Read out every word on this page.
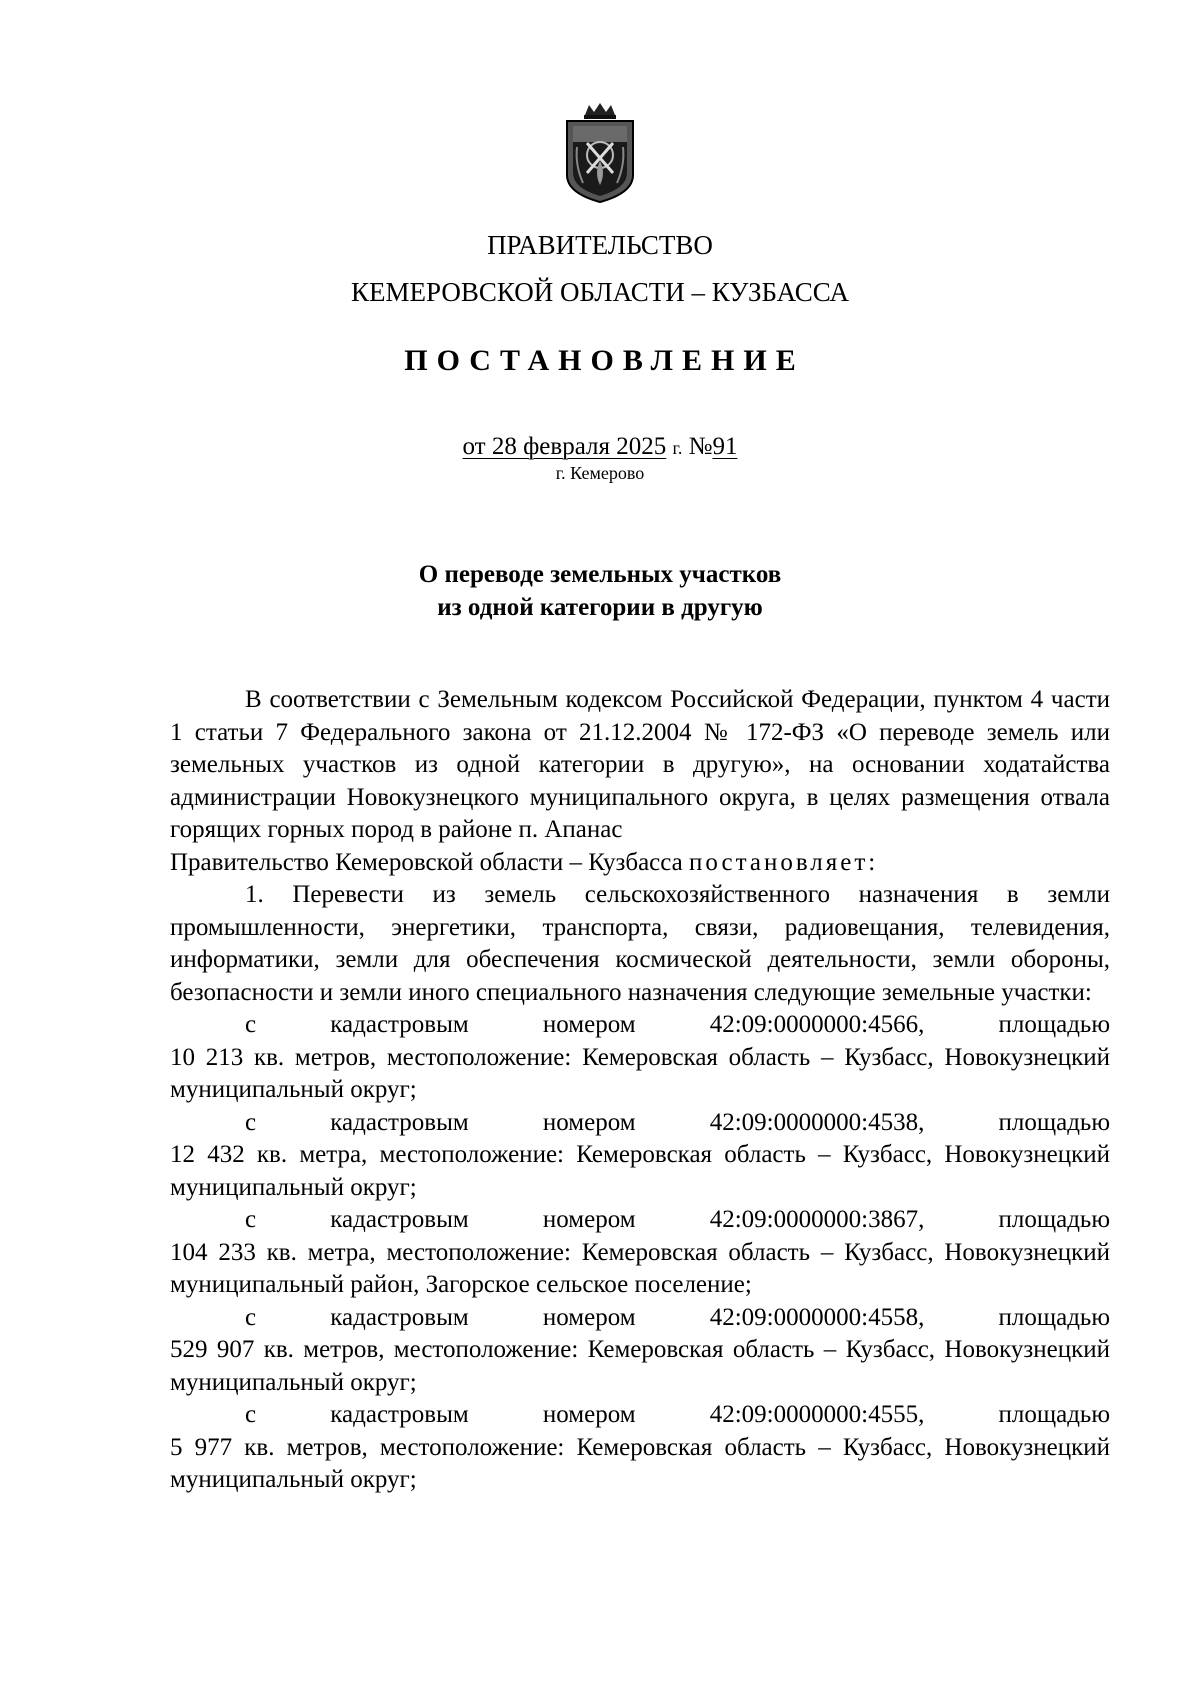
ПРАВИТЕЛЬСТВО
КЕМЕРОВСКОЙ ОБЛАСТИ – КУЗБАССА
ПОСТАНОВЛЕНИЕ
от 28 февраля 2025 г. №91
г. Кемерово
О переводе земельных участков
из одной категории в другую

В соответствии с Земельным кодексом Российской Федерации, пунктом 4 части 1 статьи 7 Федерального закона от 21.12.2004 № 172-ФЗ «О переводе земель или земельных участков из одной категории в другую», на основании ходатайства администрации Новокузнецкого муниципального округа, в целях размещения отвала горящих горных пород в районе п. Апанас

Правительство Кемеровской области – Кузбасса постановляет:

1. Перевести из земель сельскохозяйственного назначения в земли промышленности, энергетики, транспорта, связи, радиовещания, телевидения, информатики, земли для обеспечения космической деятельности, земли обороны, безопасности и земли иного специального назначения следующие земельные участки:

с	кадастровым	номером	42:09:0000000:4566,	площадью

10 213 кв. метров, местоположение: Кемеровская область – Кузбасс, Новокузнецкий муниципальный округ;

с	кадастровым	номером	42:09:0000000:4538,	площадью

12 432 кв. метра, местоположение: Кемеровская область – Кузбасс, Новокузнецкий муниципальный округ;

с	кадастровым	номером	42:09:0000000:3867,	площадью

104 233 кв. метра, местоположение: Кемеровская область – Кузбасс, Новокузнецкий муниципальный район, Загорское сельское поселение;

с	кадастровым	номером	42:09:0000000:4558,	площадью

529 907 кв. метров, местоположение: Кемеровская область – Кузбасс, Новокузнецкий муниципальный округ;

с	кадастровым	номером	42:09:0000000:4555,	площадью

5 977 кв. метров, местоположение: Кемеровская область – Кузбасс, Новокузнецкий муниципальный округ;
